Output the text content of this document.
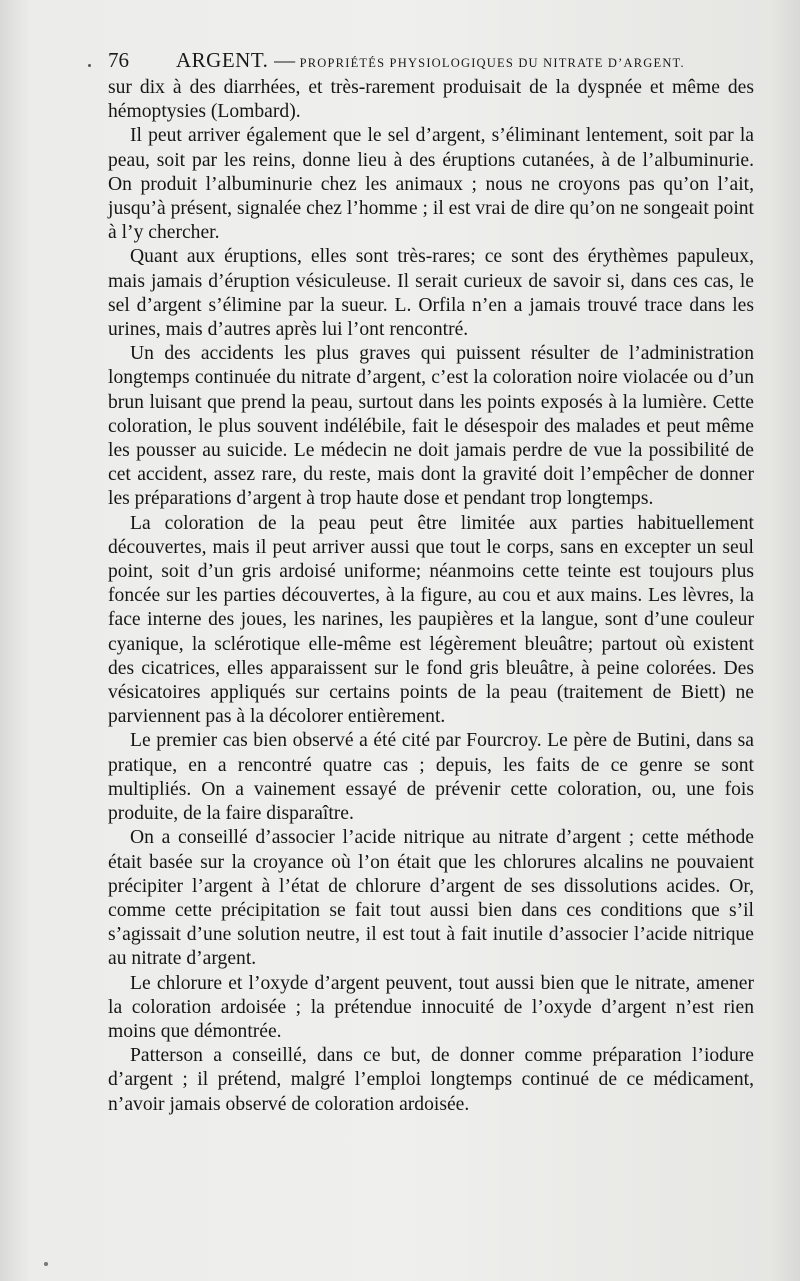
76 ARGENT. — PROPRIÉTÉS PHYSIOLOGIQUES DU NITRATE D’ARGENT.

sur dix à des diarrhées, et très-rarement produisait de la dyspnée et même des hémoptysies (Lombard).

Il peut arriver également que le sel d’argent, s’éliminant lentement, soit par la peau, soit par les reins, donne lieu à des éruptions cutanées, à de l’albuminurie. On produit l’albuminurie chez les animaux ; nous ne croyons pas qu’on l’ait, jusqu’à présent, signalée chez l’homme ; il est vrai de dire qu’on ne songeait point à l’y chercher.

Quant aux éruptions, elles sont très-rares; ce sont des érythèmes papuleux, mais jamais d’éruption vésiculeuse. Il serait curieux de savoir si, dans ces cas, le sel d’argent s’élimine par la sueur. L. Orfila n’en a jamais trouvé trace dans les urines, mais d’autres après lui l’ont rencontré.

Un des accidents les plus graves qui puissent résulter de l’administration longtemps continuée du nitrate d’argent, c’est la coloration noire violacée ou d’un brun luisant que prend la peau, surtout dans les points exposés à la lumière. Cette coloration, le plus souvent indélébile, fait le désespoir des malades et peut même les pousser au suicide. Le médecin ne doit jamais perdre de vue la possibilité de cet accident, assez rare, du reste, mais dont la gravité doit l’empêcher de donner les préparations d’argent à trop haute dose et pendant trop longtemps.

La coloration de la peau peut être limitée aux parties habituellement découvertes, mais il peut arriver aussi que tout le corps, sans en excepter un seul point, soit d’un gris ardoisé uniforme; néanmoins cette teinte est toujours plus foncée sur les parties découvertes, à la figure, au cou et aux mains. Les lèvres, la face interne des joues, les narines, les paupières et la langue, sont d’une couleur cyanique, la sclérotique elle-même est légèrement bleuâtre; partout où existent des cicatrices, elles apparaissent sur le fond gris bleuâtre, à peine colorées. Des vésicatoires appliqués sur certains points de la peau (traitement de Biett) ne parviennent pas à la décolorer entièrement.

Le premier cas bien observé a été cité par Fourcroy. Le père de Butini, dans sa pratique, en a rencontré quatre cas ; depuis, les faits de ce genre se sont multipliés. On a vainement essayé de prévenir cette coloration, ou, une fois produite, de la faire disparaître.

On a conseillé d’associer l’acide nitrique au nitrate d’argent ; cette méthode était basée sur la croyance où l’on était que les chlorures alcalins ne pouvaient précipiter l’argent à l’état de chlorure d’argent de ses dissolutions acides. Or, comme cette précipitation se fait tout aussi bien dans ces conditions que s’il s’agissait d’une solution neutre, il est tout à fait inutile d’associer l’acide nitrique au nitrate d’argent.

Le chlorure et l’oxyde d’argent peuvent, tout aussi bien que le nitrate, amener la coloration ardoisée ; la prétendue innocuité de l’oxyde d’argent n’est rien moins que démontrée.

Patterson a conseillé, dans ce but, de donner comme préparation l’iodure d’argent ; il prétend, malgré l’emploi longtemps continué de ce médicament, n’avoir jamais observé de coloration ardoisée.
